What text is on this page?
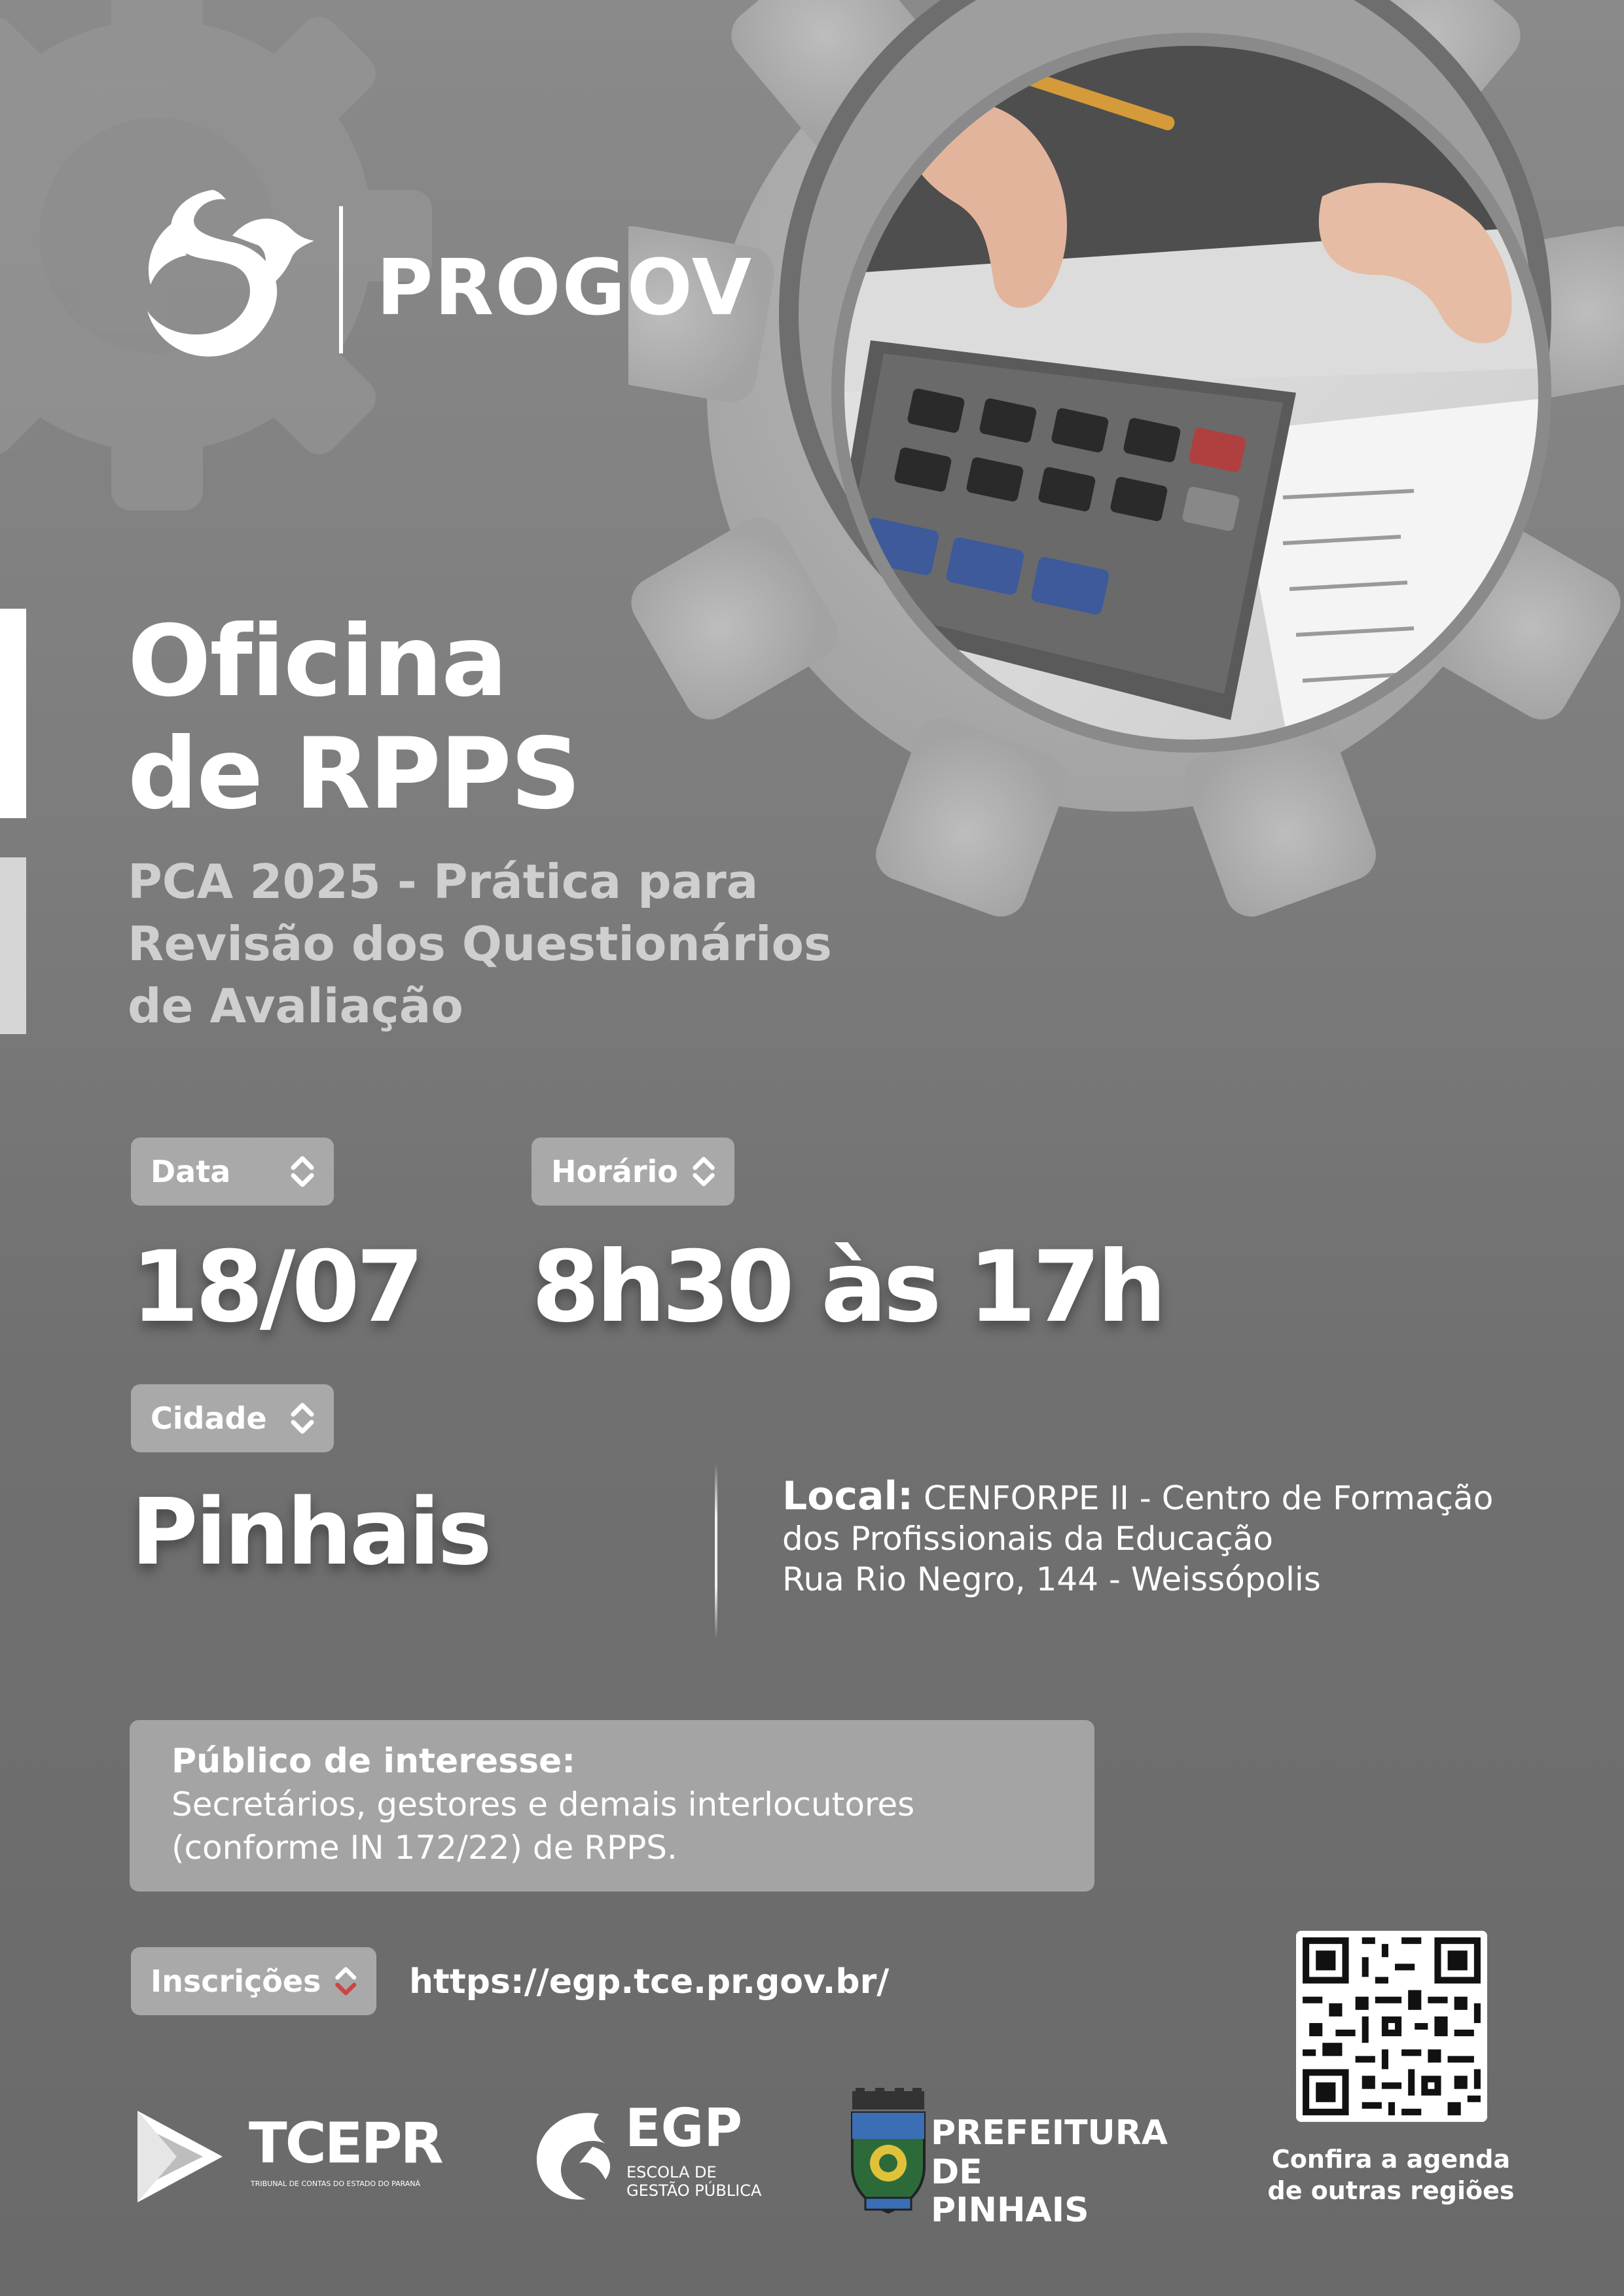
PROGOV
Oficina
de RPPS
PCA 2025 - Prática para
Revisão dos Questionários
de Avaliação
Data
18/07
Horário
8h30 às 17h
Cidade
Pinhais	Local: CENFORPE II - Centro de Formação
dos Profissionais da Educação
Rua Rio Negro, 144 - Weissópolis
Público de interesse:
Secretários, gestores e demais interlocutores
(conforme IN 172/22) de RPPS.
Inscrições	https://egp.tce.pr.gov.br/
Confira a agenda
de outras regiões
TCEPR
TRIBUNAL DE CONTAS DO ESTADO DO PARANÁ
EGP
ESCOLA DE
GESTÃO PÚBLICA
PREFEITURA
DE PINHAIS
